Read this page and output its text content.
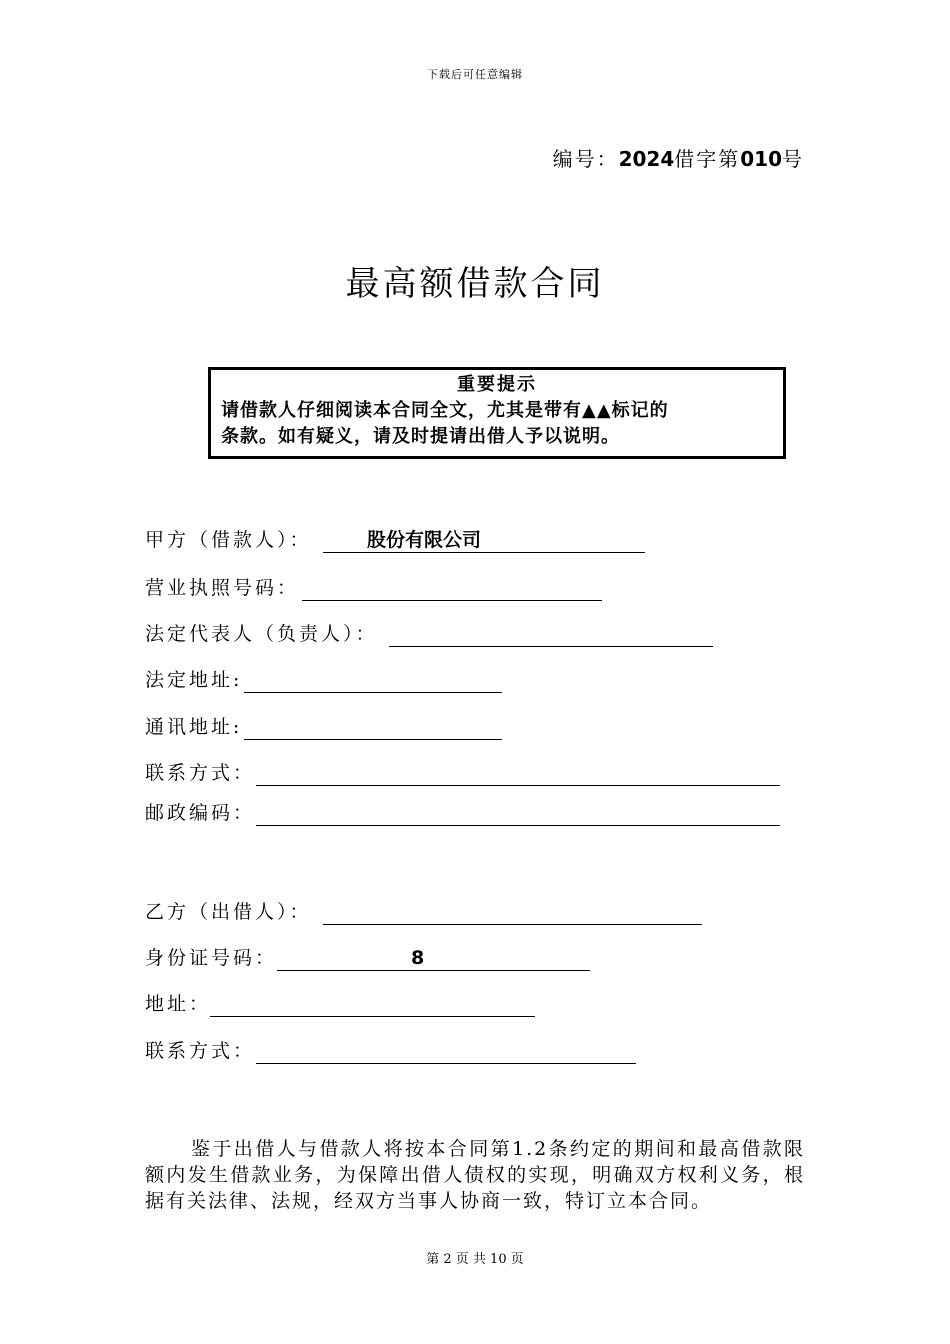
下载后可任意编辑
编号：2024借字第010号
最高额借款合同
重要提示
请借款人仔细阅读本合同全文，尤其是带有▲▲标记的
条款。如有疑义，请及时提请出借人予以说明。
甲方（借款人）：	股份有限公司
营业执照号码：
法定代表人（负责人）：
法定地址:
通讯地址:
联系方式：
邮政编码：
乙方（出借人）：
身份证号码：	8
地址：
联系方式：
鉴于出借人与借款人将按本合同第1.2条约定的期间和最高借款限额内发生借款业务，为保障出借人债权的实现，明确双方权利义务，根据有关法律、法规，经双方当事人协商一致，特订立本合同。
第 2 页 共 10 页
